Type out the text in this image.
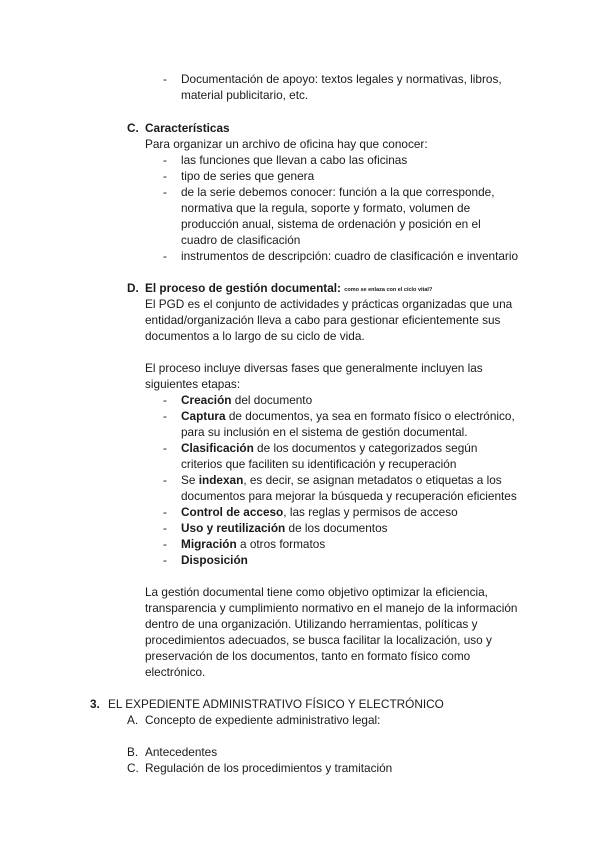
- Documentación de apoyo: textos legales y normativas, libros,
material publicitario, etc.
C. Características
Para organizar un archivo de oficina hay que conocer:
- las funciones que llevan a cabo las oficinas
- tipo de series que genera
- de la serie debemos conocer: función a la que corresponde,
normativa que la regula, soporte y formato, volumen de
producción anual, sistema de ordenación y posición en el
cuadro de clasificación
- instrumentos de descripción: cuadro de clasificación e inventario
D. El proceso de gestión documental: como se enlaza con el ciclo vital?
El PGD es el conjunto de actividades y prácticas organizadas que una
entidad/organización lleva a cabo para gestionar eficientemente sus
documentos a lo largo de su ciclo de vida.
El proceso incluye diversas fases que generalmente incluyen las
siguientes etapas:
- Creación del documento
- Captura de documentos, ya sea en formato físico o electrónico,
para su inclusión en el sistema de gestión documental.
- Clasificación de los documentos y categorizados según
criterios que faciliten su identificación y recuperación
- Se indexan, es decir, se asignan metadatos o etiquetas a los
documentos para mejorar la búsqueda y recuperación eficientes
- Control de acceso, las reglas y permisos de acceso
- Uso y reutilización de los documentos
- Migración a otros formatos
- Disposición
La gestión documental tiene como objetivo optimizar la eficiencia,
transparencia y cumplimiento normativo en el manejo de la información
dentro de una organización. Utilizando herramientas, políticas y
procedimientos adecuados, se busca facilitar la localización, uso y
preservación de los documentos, tanto en formato físico como
electrónico.
3. EL EXPEDIENTE ADMINISTRATIVO FÍSICO Y ELECTRÓNICO
A. Concepto de expediente administrativo legal:
B. Antecedentes
C. Regulación de los procedimientos y tramitación
